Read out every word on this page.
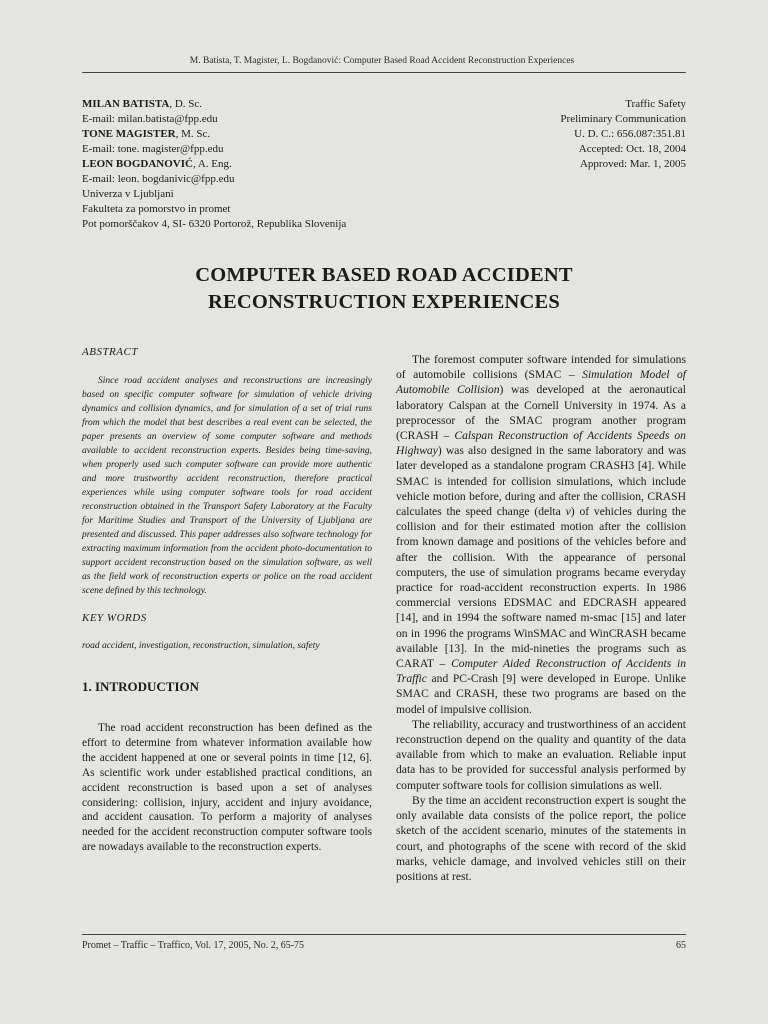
M. Batista, T. Magister, L. Bogdanović: Computer Based Road Accident Reconstruction Experiences
MILAN BATISTA, D. Sc.
E-mail: milan.batista@fpp.edu
TONE MAGISTER, M. Sc.
E-mail: tone. magister@fpp.edu
LEON BOGDANOVIĆ, A. Eng.
E-mail: leon. bogdanivic@fpp.edu
Univerza v Ljubljani
Fakulteta za pomorstvo in promet
Pot pomorščakov 4, SI- 6320 Portorož, Republika Slovenija
Traffic Safety
Preliminary Communication
U. D. C.: 656.087:351.81
Accepted: Oct. 18, 2004
Approved: Mar. 1, 2005
COMPUTER BASED ROAD ACCIDENT
RECONSTRUCTION EXPERIENCES

ABSTRACT

Since road accident analyses and reconstructions are increasingly based on specific computer software for simulation of vehicle driving dynamics and collision dynamics, and for simulation of a set of trial runs from which the model that best describes a real event can be selected, the paper presents an overview of some computer software and methods available to accident reconstruction experts. Besides being time-saving, when properly used such computer software can provide more authentic and more trustworthy accident reconstruction, therefore practical experiences while using computer software tools for road accident reconstruction obtained in the Transport Safety Laboratory at the Faculty for Maritime Studies and Transport of the University of Ljubljana are presented and discussed. This paper addresses also software technology for extracting maximum information from the accident photo-documentation to support accident reconstruction based on the simulation software, as well as the field work of reconstruction experts or police on the road accident scene defined by this technology.

KEY WORDS

road accident, investigation, reconstruction, simulation, safety

1. INTRODUCTION

The road accident reconstruction has been defined as the effort to determine from whatever information available how the accident happened at one or several points in time [12, 6]. As scientific work under established practical conditions, an accident reconstruction is based upon a set of analyses considering: collision, injury, accident and injury avoidance, and accident causation. To perform a majority of analyses needed for the accident reconstruction computer software tools are nowadays available to the reconstruction experts.

The foremost computer software intended for simulations of automobile collisions (SMAC – Simulation Model of Automobile Collision) was developed at the aeronautical laboratory Calspan at the Cornell University in 1974. As a preprocessor of the SMAC program another program (CRASH – Calspan Reconstruction of Accidents Speeds on Highway) was also designed in the same laboratory and was later developed as a standalone program CRASH3 [4]. While SMAC is intended for collision simulations, which include vehicle motion before, during and after the collision, CRASH calculates the speed change (delta v) of vehicles during the collision and for their estimated motion after the collision from known damage and positions of the vehicles before and after the collision. With the appearance of personal computers, the use of simulation programs became everyday practice for road-accident reconstruction experts. In 1986 commercial versions EDSMAC and EDCRASH appeared [14], and in 1994 the software named m-smac [15] and later on in 1996 the programs WinSMAC and WinCRASH became available [13]. In the mid-nineties the programs such as CARAT – Computer Aided Reconstruction of Accidents in Traffic and PC-Crash [9] were developed in Europe. Unlike SMAC and CRASH, these two programs are based on the model of impulsive collision.

The reliability, accuracy and trustworthiness of an accident reconstruction depend on the quality and quantity of the data available from which to make an evaluation. Reliable input data has to be provided for successful analysis performed by computer software tools for collision simulations as well.

By the time an accident reconstruction expert is sought the only available data consists of the police report, the police sketch of the accident scenario, minutes of the statements in court, and photographs of the scene with record of the skid marks, vehicle damage, and involved vehicles still on their positions at rest.

Promet – Traffic – Traffico, Vol. 17, 2005, No. 2, 65-75	65
